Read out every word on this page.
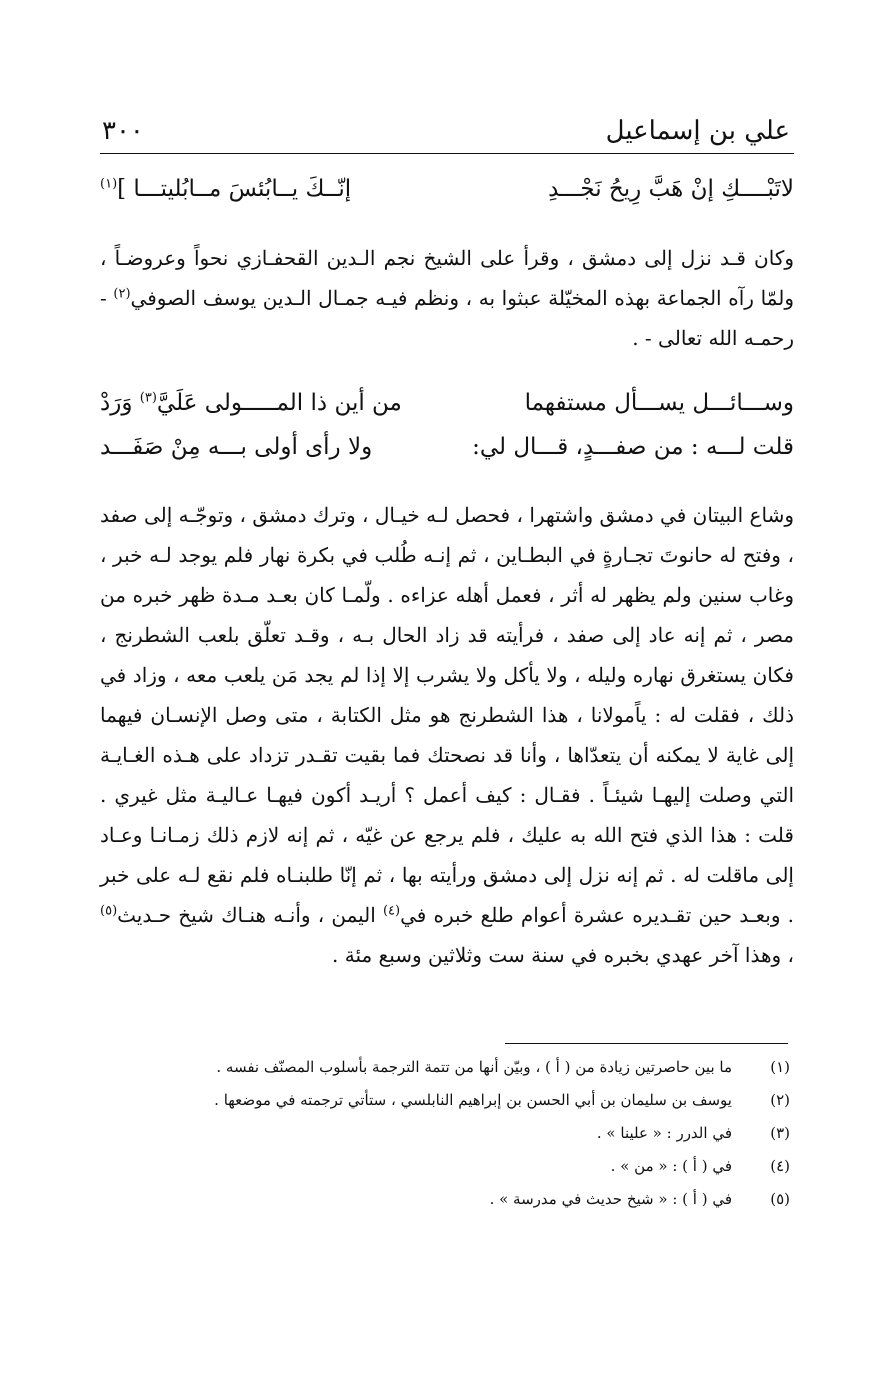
علي بن إسماعيل
٣٠٠
لاتَبْــــكِ إنْ هَبَّ رِيحُ نَجْـــدِ
إنّــكَ يــابُئسَ مــابُليتـــا ]$^{(١)}$

وكان قـد نزل إلى دمشق ، وقرأ على الشيخ نجم الـدين القحفـازي نحواً وعروضـاً ، ولمّا رآه الجماعة بهذه المخيّلة عبثوا به ، ونظم فيـه جمـال الـدين يوسف الصوفي$^{(٢)}$ - رحمـه الله تعالى - .

وســـائـــل يســـأل مستفهما
من أين ذا المـــــولى عَلَيَّ$^{(٣)}$ وَرَدْ
قلت لـــه : من صفـــدٍ، قـــال لي:
ولا رأى أولى بـــه مِنْ صَفَـــد

وشاع البيتان في دمشق واشتهرا ، فحصل لـه خيـال ، وترك دمشق ، وتوجّـه إلى صفد ، وفتح له حانوتَ تجـارةٍ في البطـاين ، ثم إنـه طُلب في بكرة نهار فلم يوجد لـه خبر ، وغاب سنين ولم يظهر له أثر ، فعمل أهله عزاءه . ولّمـا كان بعـد مـدة ظهر خبره من مصر ، ثم إنه عاد إلى صفد ، فرأيته قد زاد الحال بـه ، وقـد تعلّق بلعب الشطرنج ، فكان يستغرق نهاره وليله ، ولا يأكل ولا يشرب إلا إذا لم يجد مَن يلعب معه ، وزاد في ذلك ، فقلت له : ياًمولانا ، هذا الشطرنج هو مثل الكتابة ، متى وصل الإنسـان فيهما إلى غاية لا يمكنه أن يتعدّاها ، وأنا قد نصحتك فما بقيت تقـدر تزداد على هـذه الغـايـة التي وصلت إليهـا شيئـاً . فقـال : كيف أعمل ؟ أريـد أكون فيهـا عـاليـة مثل غيري . قلت : هذا الذي فتح الله به عليك ، فلم يرجع عن غيّه ، ثم إنه لازم ذلك زمـانـا وعـاد إلى ماقلت له . ثم إنه نزل إلى دمشق ورأيته بها ، ثم إنّا طلبنـاه فلم نقع لـه على خبر . وبعـد حين تقـديره عشرة أعوام طلع خبره في$^{(٤)}$ اليمن ، وأنـه هنـاك شيخ حـديث$^{(٥)}$ ، وهذا آخر عهدي بخبره في سنة ست وثلاثين وسبع مئة .

(١)
ما بين حاصرتين زيادة من ( أ ) ، وبيّن أنها من تتمة الترجمة بأسلوب المصنّف نفسه .
(٢)
يوسف بن سليمان بن أبي الحسن بن إبراهيم النابلسي ، ستأتي ترجمته في موضعها .
(٣)
في الدرر : « علينا » .
(٤)
في ( أ ) : « من » .
(٥)
في ( أ ) : « شيخ حديث في مدرسة » .
